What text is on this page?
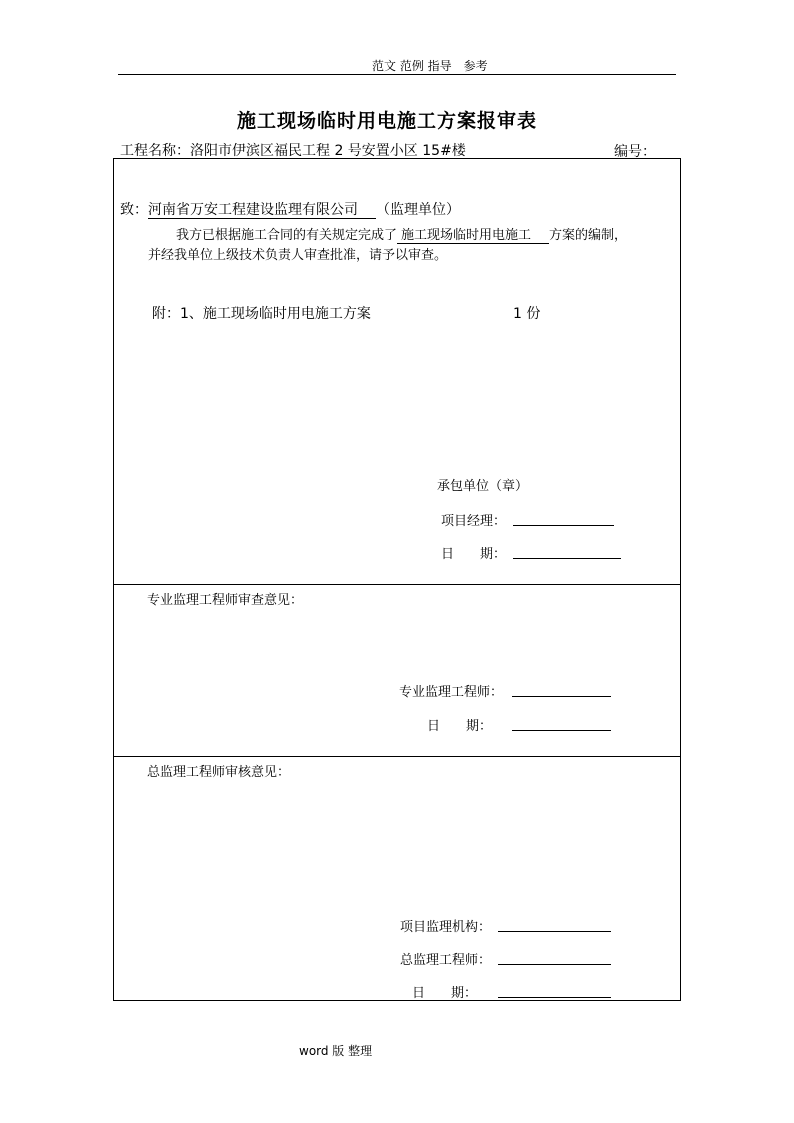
范文 范例 指导　参考
施工现场临时用电施工方案报审表
工程名称：洛阳市伊滨区福民工程 2 号安置小区 15#楼	编号：
致：河南省万安工程建设监理有限公司 （监理单位）
我方已根据施工合同的有关规定完成了 施工现场临时用电施工 方案的编制，
并经我单位上级技术负责人审查批准，请予以审查。
附：1、施工现场临时用电施工方案	1 份
承包单位（章）
项目经理：
日　　期：
专业监理工程师审查意见：
专业监理工程师：
日　　期：
总监理工程师审核意见：
项目监理机构：
总监理工程师：
日　　期：
word 版 整理
